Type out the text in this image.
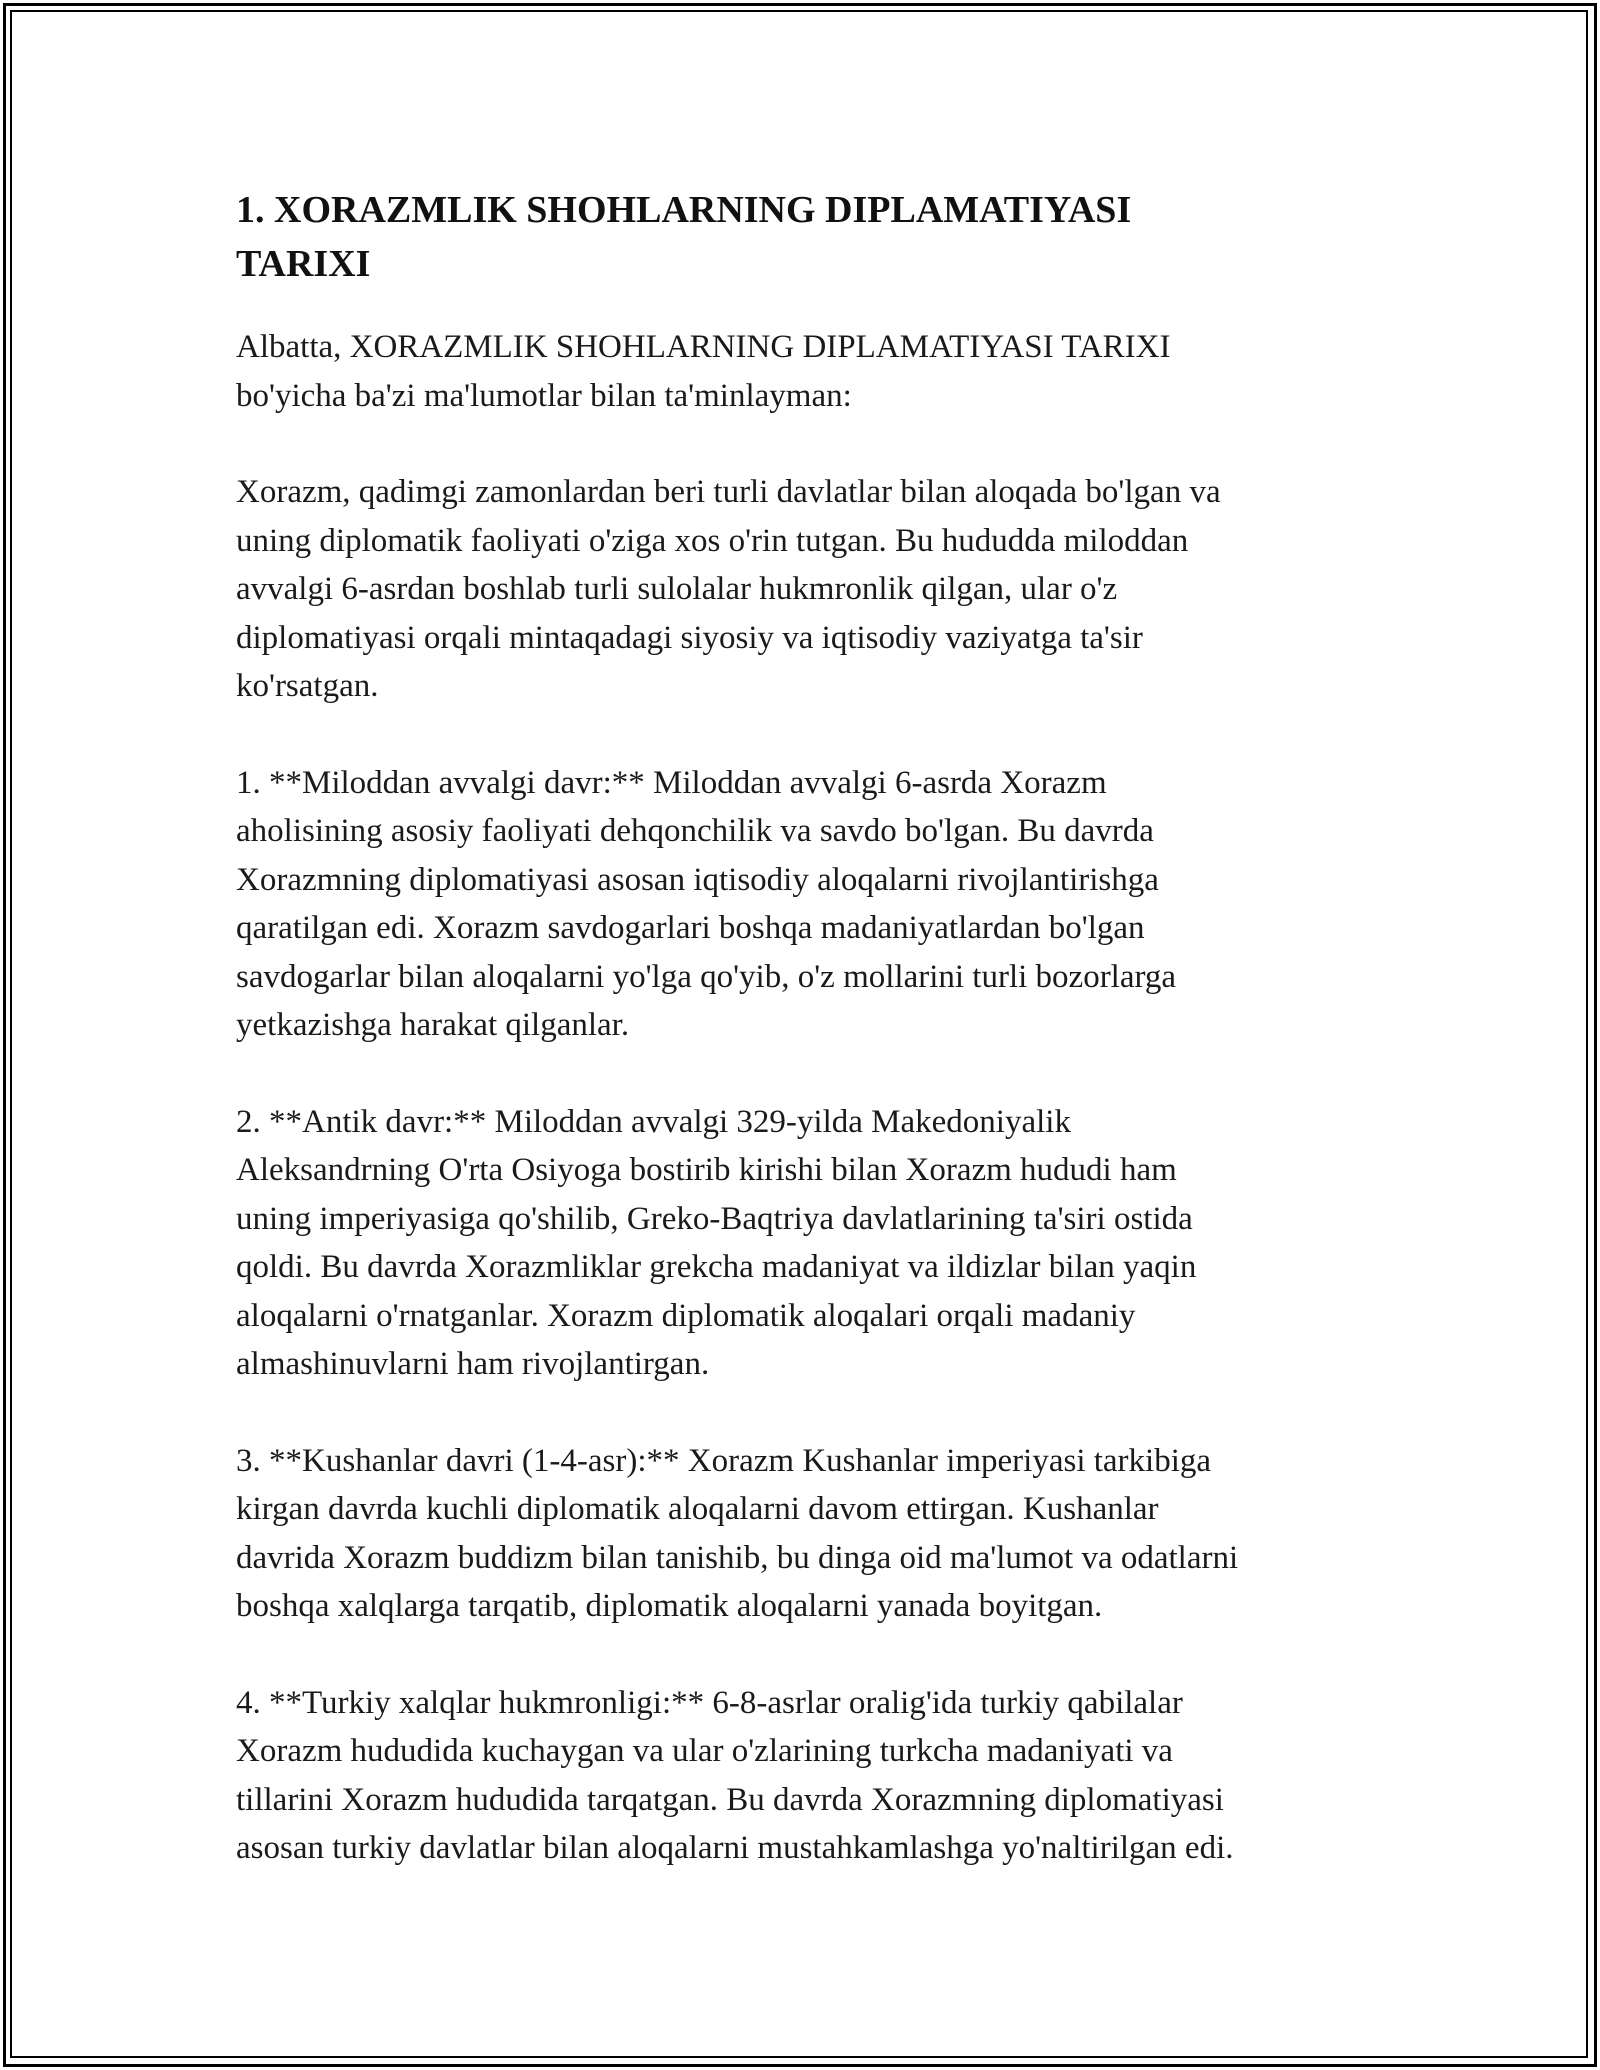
1. XORAZMLIK SHOHLARNING DIPLAMATIYASI
TARIXI

Albatta, XORAZMLIK SHOHLARNING DIPLAMATIYASI TARIXI
bo'yicha ba'zi ma'lumotlar bilan ta'minlayman:

Xorazm, qadimgi zamonlardan beri turli davlatlar bilan aloqada bo'lgan va
uning diplomatik faoliyati o'ziga xos o'rin tutgan. Bu hududda miloddan
avvalgi 6-asrdan boshlab turli sulolalar hukmronlik qilgan, ular o'z
diplomatiyasi orqali mintaqadagi siyosiy va iqtisodiy vaziyatga ta'sir
ko'rsatgan.

1. **Miloddan avvalgi davr:** Miloddan avvalgi 6-asrda Xorazm
aholisining asosiy faoliyati dehqonchilik va savdo bo'lgan. Bu davrda
Xorazmning diplomatiyasi asosan iqtisodiy aloqalarni rivojlantirishga
qaratilgan edi. Xorazm savdogarlari boshqa madaniyatlardan bo'lgan
savdogarlar bilan aloqalarni yo'lga qo'yib, o'z mollarini turli bozorlarga
yetkazishga harakat qilganlar.

2. **Antik davr:** Miloddan avvalgi 329-yilda Makedoniyalik
Aleksandrning O'rta Osiyoga bostirib kirishi bilan Xorazm hududi ham
uning imperiyasiga qo'shilib, Greko-Baqtriya davlatlarining ta'siri ostida
qoldi. Bu davrda Xorazmliklar grekcha madaniyat va ildizlar bilan yaqin
aloqalarni o'rnatganlar. Xorazm diplomatik aloqalari orqali madaniy
almashinuvlarni ham rivojlantirgan.

3. **Kushanlar davri (1-4-asr):** Xorazm Kushanlar imperiyasi tarkibiga
kirgan davrda kuchli diplomatik aloqalarni davom ettirgan. Kushanlar
davrida Xorazm buddizm bilan tanishib, bu dinga oid ma'lumot va odatlarni
boshqa xalqlarga tarqatib, diplomatik aloqalarni yanada boyitgan.

4. **Turkiy xalqlar hukmronligi:** 6-8-asrlar oralig'ida turkiy qabilalar
Xorazm hududida kuchaygan va ular o'zlarining turkcha madaniyati va
tillarini Xorazm hududida tarqatgan. Bu davrda Xorazmning diplomatiyasi
asosan turkiy davlatlar bilan aloqalarni mustahkamlashga yo'naltirilgan edi.
